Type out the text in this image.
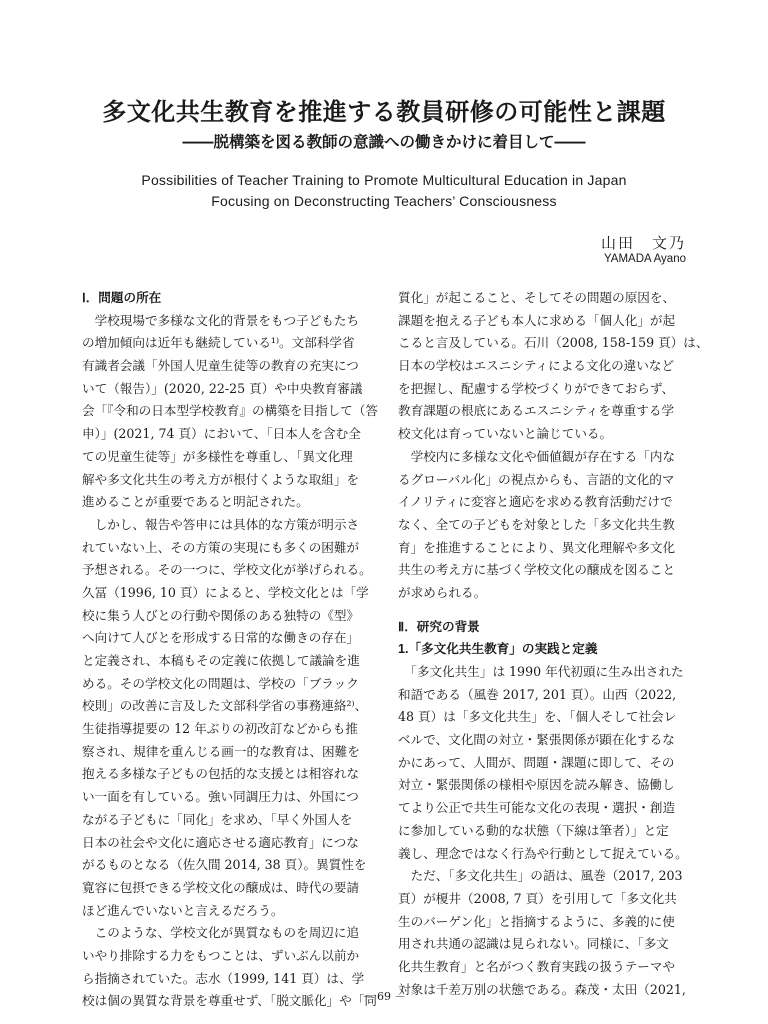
多文化共生教育を推進する教員研修の可能性と課題
――脱構築を図る教師の意識への働きかけに着目して――
Possibilities of Teacher Training to Promote Multicultural Education in Japan
Focusing on Deconstructing Teachers’ Consciousness
山田　文乃
YAMADA Ayano
Ⅰ．問題の所在
　学校現場で多様な文化的背景をもつ子どもたち
の増加傾向は近年も継続している¹⁾。文部科学省
有識者会議「外国人児童生徒等の教育の充実につ
いて（報告）」(2020, 22-25 頁）や中央教育審議
会「『令和の日本型学校教育』の構築を目指して（答
申）」(2021, 74 頁）において、「日本人を含む全
ての児童生徒等」が多様性を尊重し、「異文化理
解や多文化共生の考え方が根付くような取組」を
進めることが重要であると明記された。
　しかし、報告や答申には具体的な方策が明示さ
れていない上、その方策の実現にも多くの困難が
予想される。その一つに、学校文化が挙げられる。
久冨（1996, 10 頁）によると、学校文化とは「学
校に集う人びとの行動や関係のある独特の《型》
へ向けて人びとを形成する日常的な働きの存在」
と定義され、本稿もその定義に依拠して議論を進
める。その学校文化の問題は、学校の「ブラック
校則」の改善に言及した文部科学省の事務連絡²⁾、
生徒指導提要の 12 年ぶりの初改訂などからも推
察され、規律を重んじる画一的な教育は、困難を
抱える多様な子どもの包括的な支援とは相容れな
い一面を有している。強い同調圧力は、外国につ
ながる子どもに「同化」を求め、「早く外国人を
日本の社会や文化に適応させる適応教育」につな
がるものとなる（佐久間 2014, 38 頁）。異質性を
寛容に包摂できる学校文化の醸成は、時代の要請
ほど進んでいないと言えるだろう。
　このような、学校文化が異質なものを周辺に追
いやり排除する力をもつことは、ずいぶん以前か
ら指摘されていた。志水（1999, 141 頁）は、学
校は個の異質な背景を尊重せず、「脱文脈化」や「同
質化」が起こること、そしてその問題の原因を、
課題を抱える子ども本人に求める「個人化」が起
こると言及している。石川（2008, 158-159 頁）は、
日本の学校はエスニシティによる文化の違いなど
を把握し、配慮する学校づくりができておらず、
教育課題の根底にあるエスニシティを尊重する学
校文化は育っていないと論じている。
　学校内に多様な文化や価値観が存在する「内な
るグローバル化」の視点からも、言語的文化的マ
イノリティに変容と適応を求める教育活動だけで
なく、全ての子どもを対象とした「多文化共生教
育」を推進することにより、異文化理解や多文化
共生の考え方に基づく学校文化の醸成を図ること
が求められる。
Ⅱ．研究の背景
1.「多文化共生教育」の実践と定義
　「多文化共生」は 1990 年代初頭に生み出された
和語である（風巻 2017, 201 頁）。山西（2022,
48 頁）は「多文化共生」を、「個人そして社会レ
ベルで、文化間の対立・緊張関係が顕在化するな
かにあって、人間が、問題・課題に即して、その
対立・緊張関係の様相や原因を読み解き、協働し
てより公正で共生可能な文化の表現・選択・創造
に参加している動的な状態（下線は筆者）」と定
義し、理念ではなく行為や行動として捉えている。
　ただ、「多文化共生」の語は、風巻（2017, 203
頁）が榎井（2008, 7 頁）を引用して「多文化共
生のバーゲン化」と指摘するように、多義的に使
用され共通の認識は見られない。同様に、「多文
化共生教育」と名がつく教育実践の扱うテーマや
対象は千差万別の状態である。森茂・太田（2021,
－ 69 －
